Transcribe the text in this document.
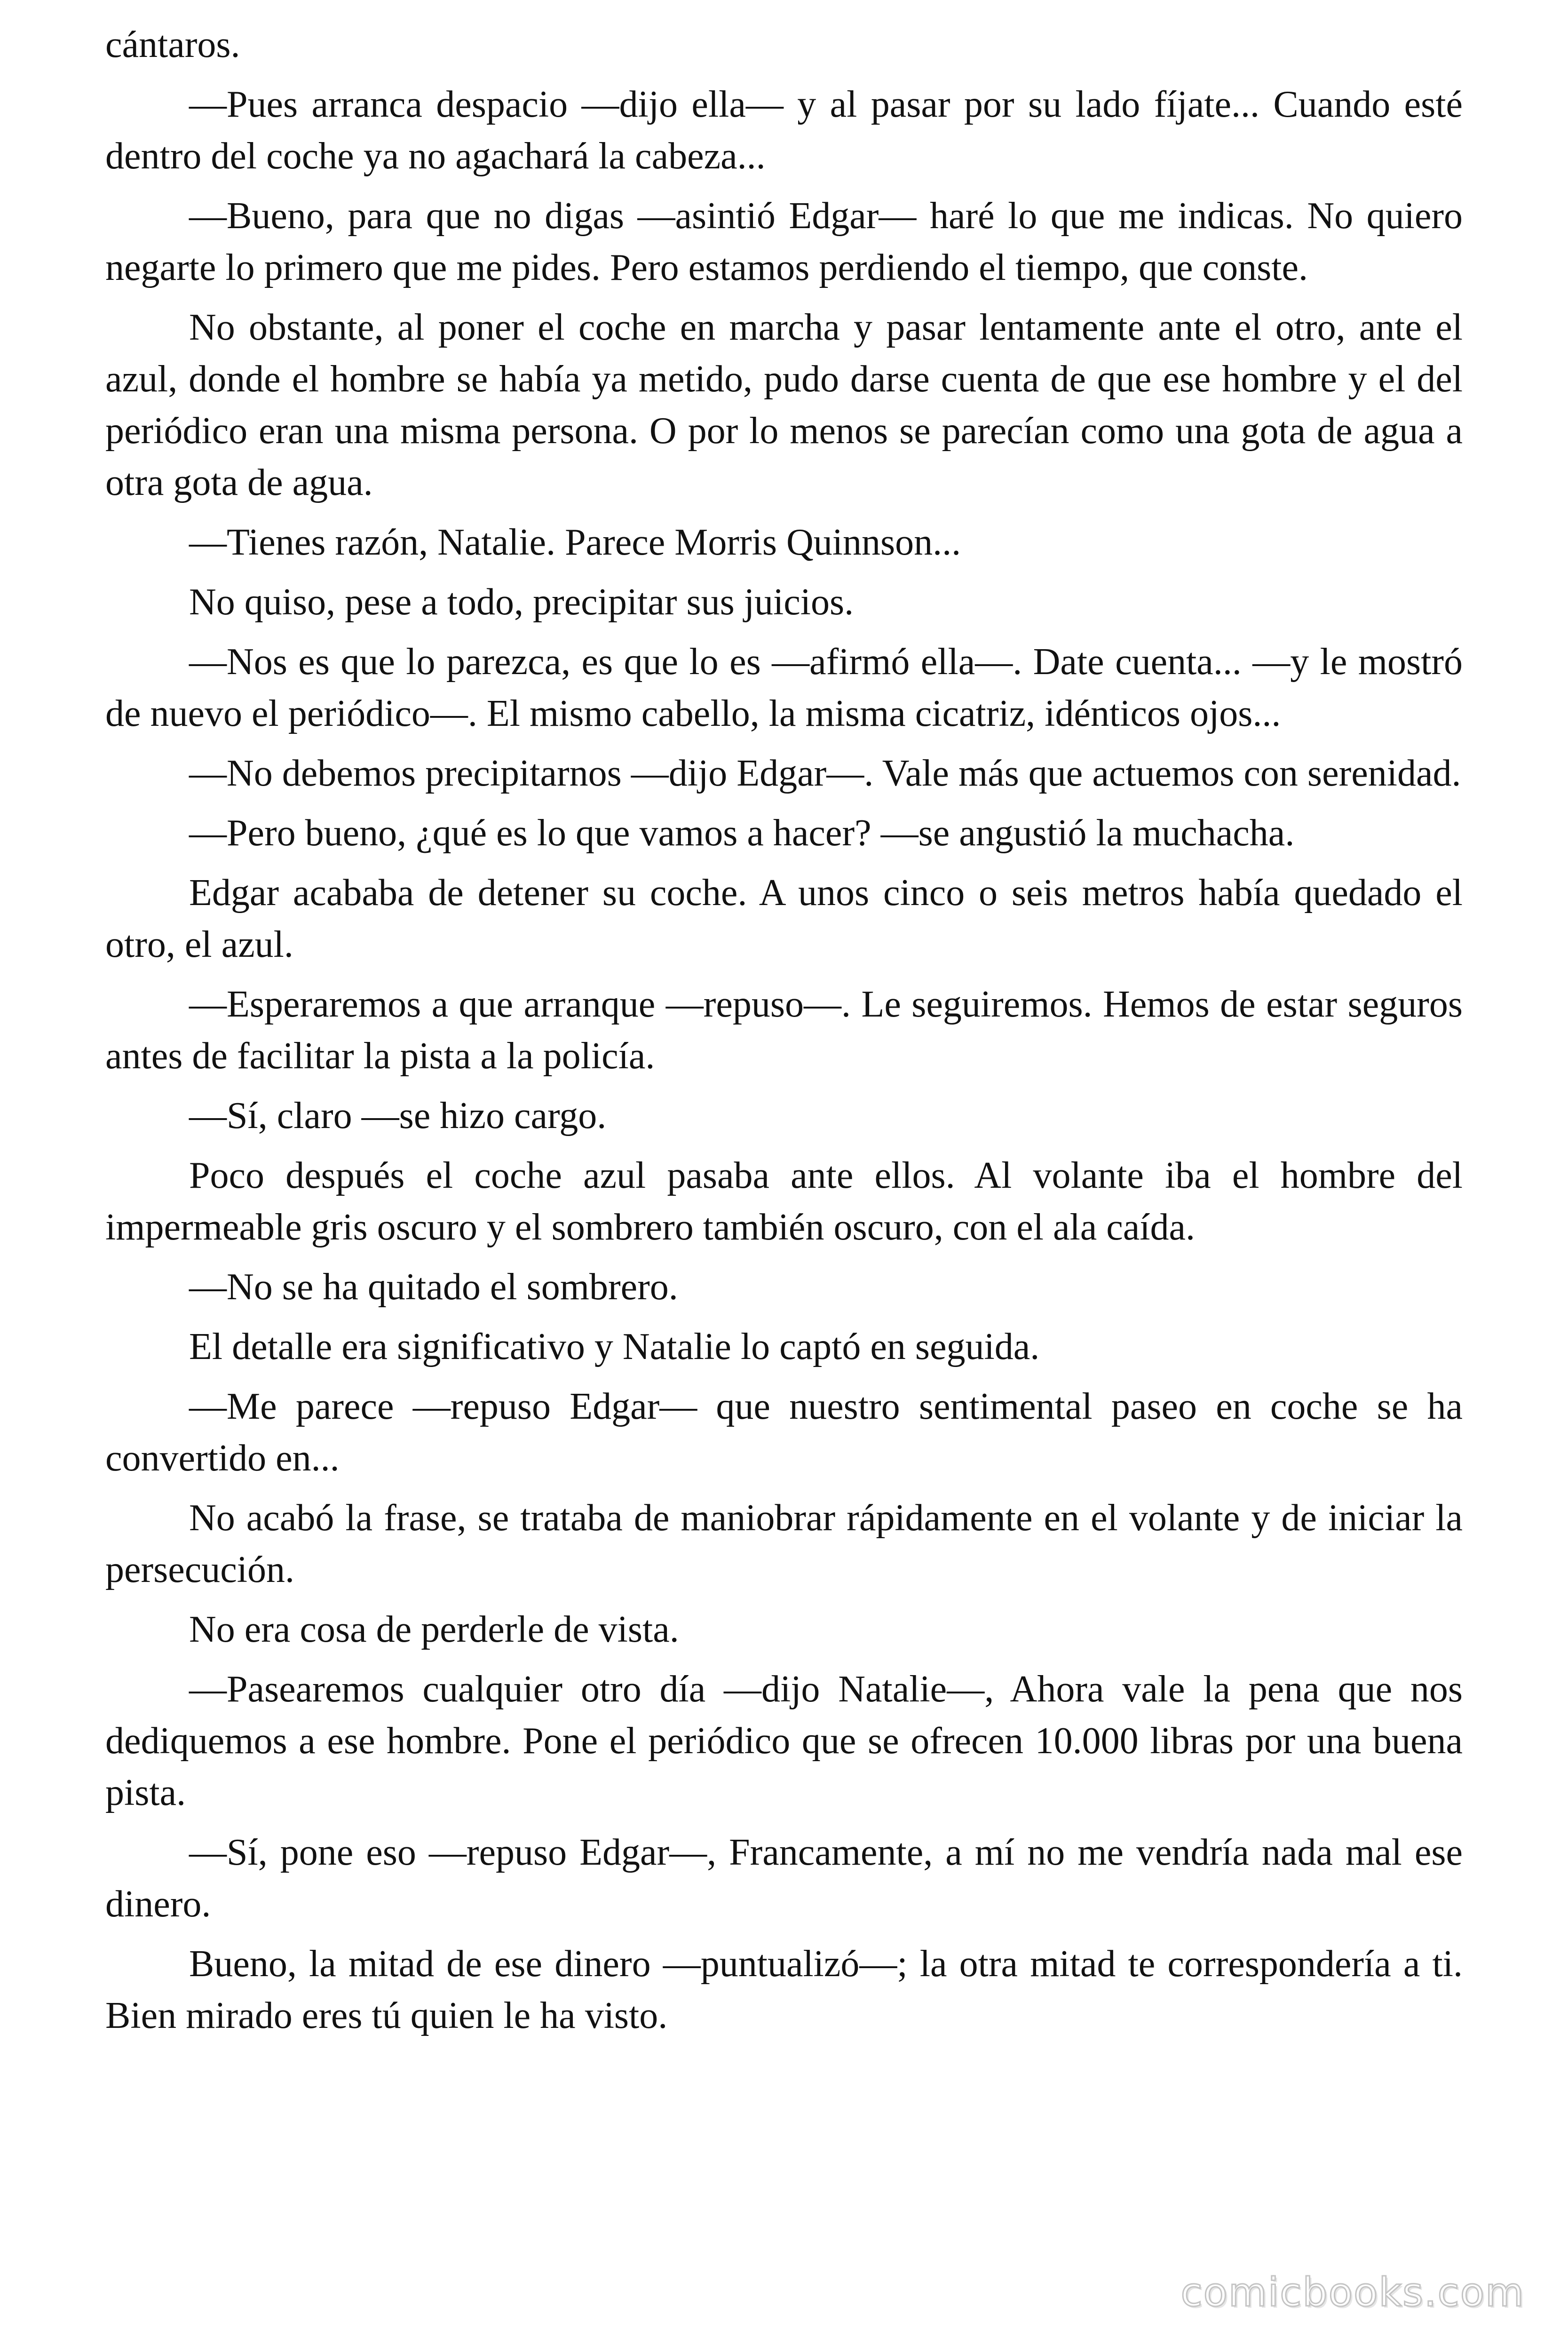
cántaros.

—Pues arranca despacio —dijo ella— y al pasar por su lado fíjate... Cuando esté dentro del coche ya no agachará la cabeza...

—Bueno, para que no digas —asintió Edgar— haré lo que me indicas. No quiero negarte lo primero que me pides. Pero estamos perdiendo el tiempo, que conste.

No obstante, al poner el coche en marcha y pasar lentamente ante el otro, ante el azul, donde el hombre se había ya metido, pudo darse cuenta de que ese hombre y el del periódico eran una misma persona. O por lo menos se parecían como una gota de agua a otra gota de agua.

—Tienes razón, Natalie. Parece Morris Quinnson...

No quiso, pese a todo, precipitar sus juicios.

—Nos es que lo parezca, es que lo es —afirmó ella—. Date cuenta... —y le mostró de nuevo el periódico—. El mismo cabello, la misma cicatriz, idénticos ojos...

—No debemos precipitarnos —dijo Edgar—. Vale más que actuemos con serenidad.

—Pero bueno, ¿qué es lo que vamos a hacer? —se angustió la muchacha.

Edgar acababa de detener su coche. A unos cinco o seis metros había quedado el otro, el azul.

—Esperaremos a que arranque —repuso—. Le seguiremos. Hemos de estar seguros antes de facilitar la pista a la policía.

—Sí, claro —se hizo cargo.

Poco después el coche azul pasaba ante ellos. Al volante iba el hombre del impermeable gris oscuro y el sombrero también oscuro, con el ala caída.

—No se ha quitado el sombrero.

El detalle era significativo y Natalie lo captó en seguida.

—Me parece —repuso Edgar— que nuestro sentimental paseo en coche se ha convertido en...

No acabó la frase, se trataba de maniobrar rápidamente en el volante y de iniciar la persecución.

No era cosa de perderle de vista.

—Pasearemos cualquier otro día —dijo Natalie—, Ahora vale la pena que nos dediquemos a ese hombre. Pone el periódico que se ofrecen 10.000 libras por una buena pista.

—Sí, pone eso —repuso Edgar—, Francamente, a mí no me vendría nada mal ese dinero.

Bueno, la mitad de ese dinero —puntualizó—; la otra mitad te correspondería a ti. Bien mirado eres tú quien le ha visto.

comicbooks.com
